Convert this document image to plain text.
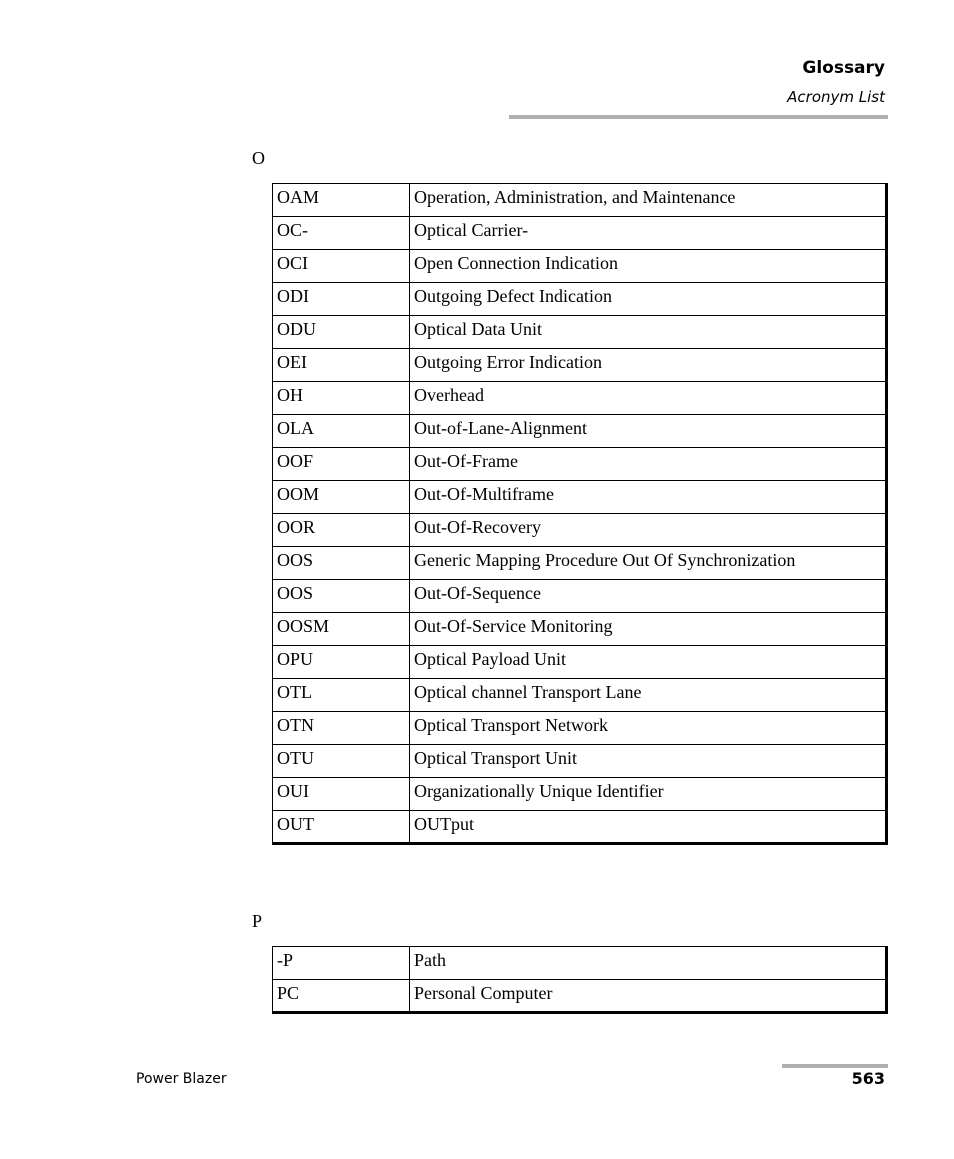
Glossary
Acronym List
O
OAM	Operation, Administration, and Maintenance
OC-	Optical Carrier-
OCI	Open Connection Indication
ODI	Outgoing Defect Indication
ODU	Optical Data Unit
OEI	Outgoing Error Indication
OH	Overhead
OLA	Out-of-Lane-Alignment
OOF	Out-Of-Frame
OOM	Out-Of-Multiframe
OOR	Out-Of-Recovery
OOS	Generic Mapping Procedure Out Of Synchronization
OOS	Out-Of-Sequence
OOSM	Out-Of-Service Monitoring
OPU	Optical Payload Unit
OTL	Optical channel Transport Lane
OTN	Optical Transport Network
OTU	Optical Transport Unit
OUI	Organizationally Unique Identifier
OUT	OUTput
P
-P	Path
PC	Personal Computer
Power Blazer	563
